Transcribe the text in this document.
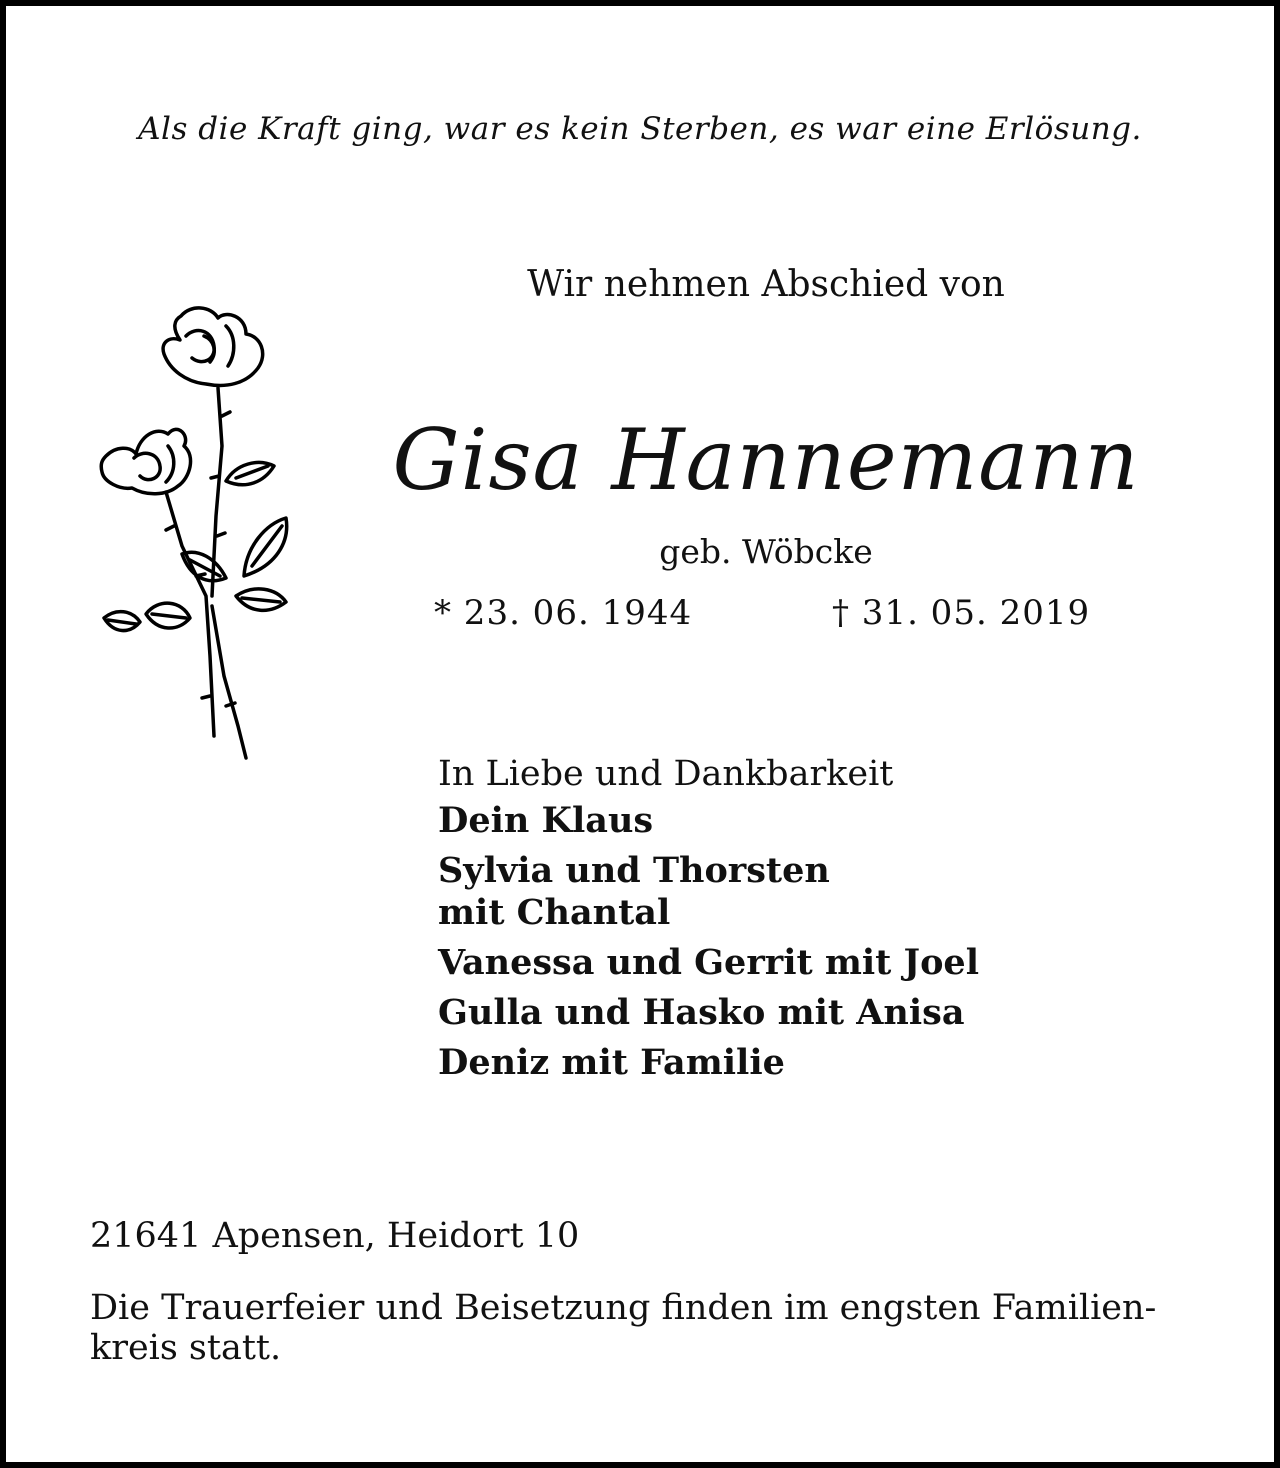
Als die Kraft ging, war es kein Sterben, es war eine Erlösung.
Wir nehmen Abschied von
Gisa Hannemann
geb. Wöbcke
* 23. 06. 1944	† 31. 05. 2019
In Liebe und Dankbarkeit
Dein Klaus
Sylvia und Thorsten
mit Chantal
Vanessa und Gerrit mit Joel
Gulla und Hasko mit Anisa
Deniz mit Familie
21641 Apensen, Heidort 10
Die Trauerfeier und Beisetzung finden im engsten Familien-
kreis statt.
